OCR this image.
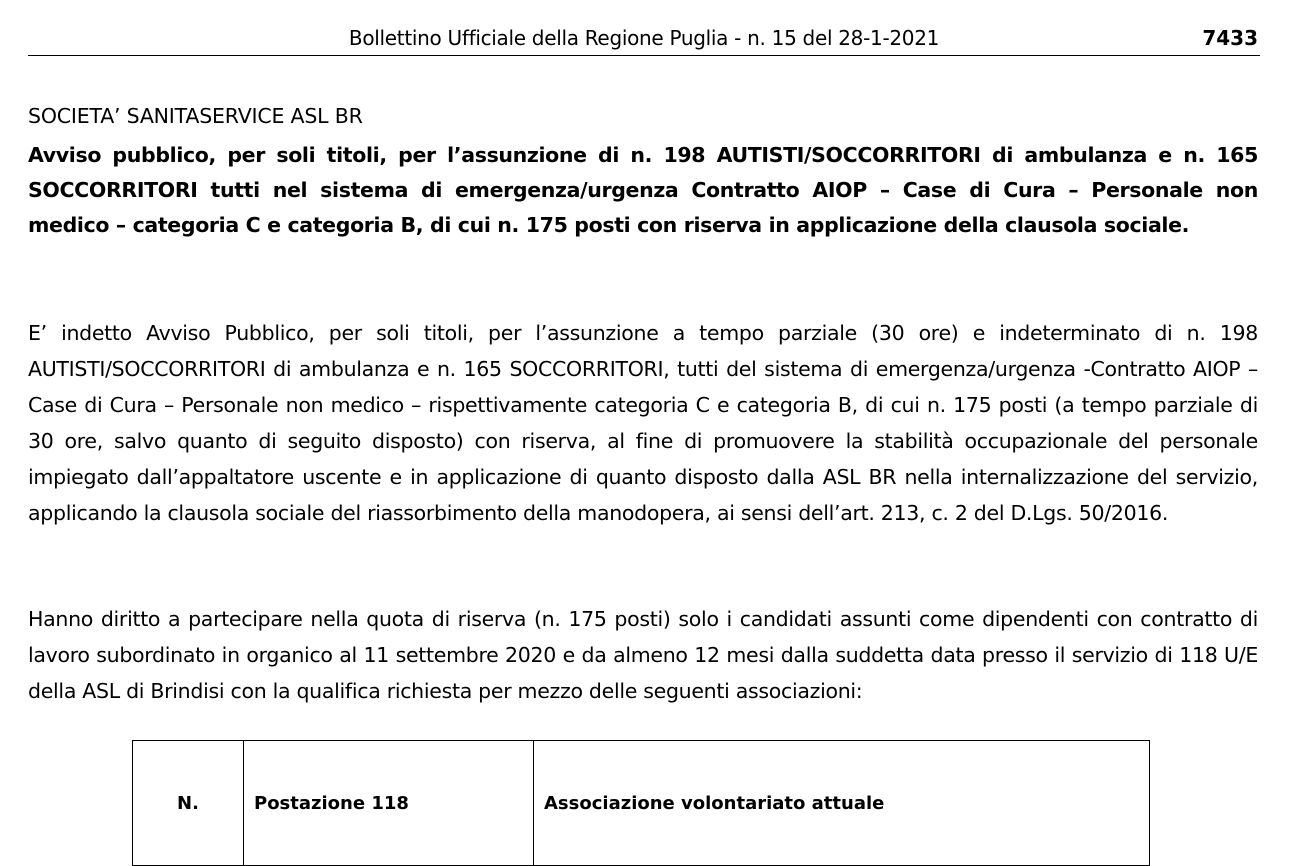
Bollettino Ufficiale della Regione Puglia - n. 15 del 28-1-2021	7433
SOCIETA’ SANITASERVICE ASL BR
Avviso pubblico, per soli titoli, per l’assunzione di n. 198 AUTISTI/SOCCORRITORI di ambulanza e n. 165 SOCCORRITORI tutti nel sistema di emergenza/urgenza Contratto AIOP – Case di Cura – Personale non medico – categoria C e categoria B, di cui n. 175 posti con riserva in applicazione della clausola sociale.
E’ indetto Avviso Pubblico, per soli titoli, per l’assunzione a tempo parziale (30 ore) e indeterminato di n. 198 AUTISTI/SOCCORRITORI di ambulanza e n. 165 SOCCORRITORI, tutti del sistema di emergenza/urgenza -Contratto AIOP – Case di Cura – Personale non medico – rispettivamente categoria C e categoria B, di cui n. 175 posti (a tempo parziale di 30 ore, salvo quanto di seguito disposto) con riserva, al fine di promuovere la stabilità occupazionale del personale impiegato dall’appaltatore uscente e in applicazione di quanto disposto dalla ASL BR nella internalizzazione del servizio, applicando la clausola sociale del riassorbimento della manodopera, ai sensi dell’art. 213, c. 2 del D.Lgs. 50/2016.
Hanno diritto a partecipare nella quota di riserva (n. 175 posti) solo i candidati assunti come dipendenti con contratto di lavoro subordinato in organico al 11 settembre 2020 e da almeno 12 mesi dalla suddetta data presso il servizio di 118 U/E della ASL di Brindisi con la qualifica richiesta per mezzo delle seguenti associazioni:
N.	Postazione 118	Associazione volontariato attuale
